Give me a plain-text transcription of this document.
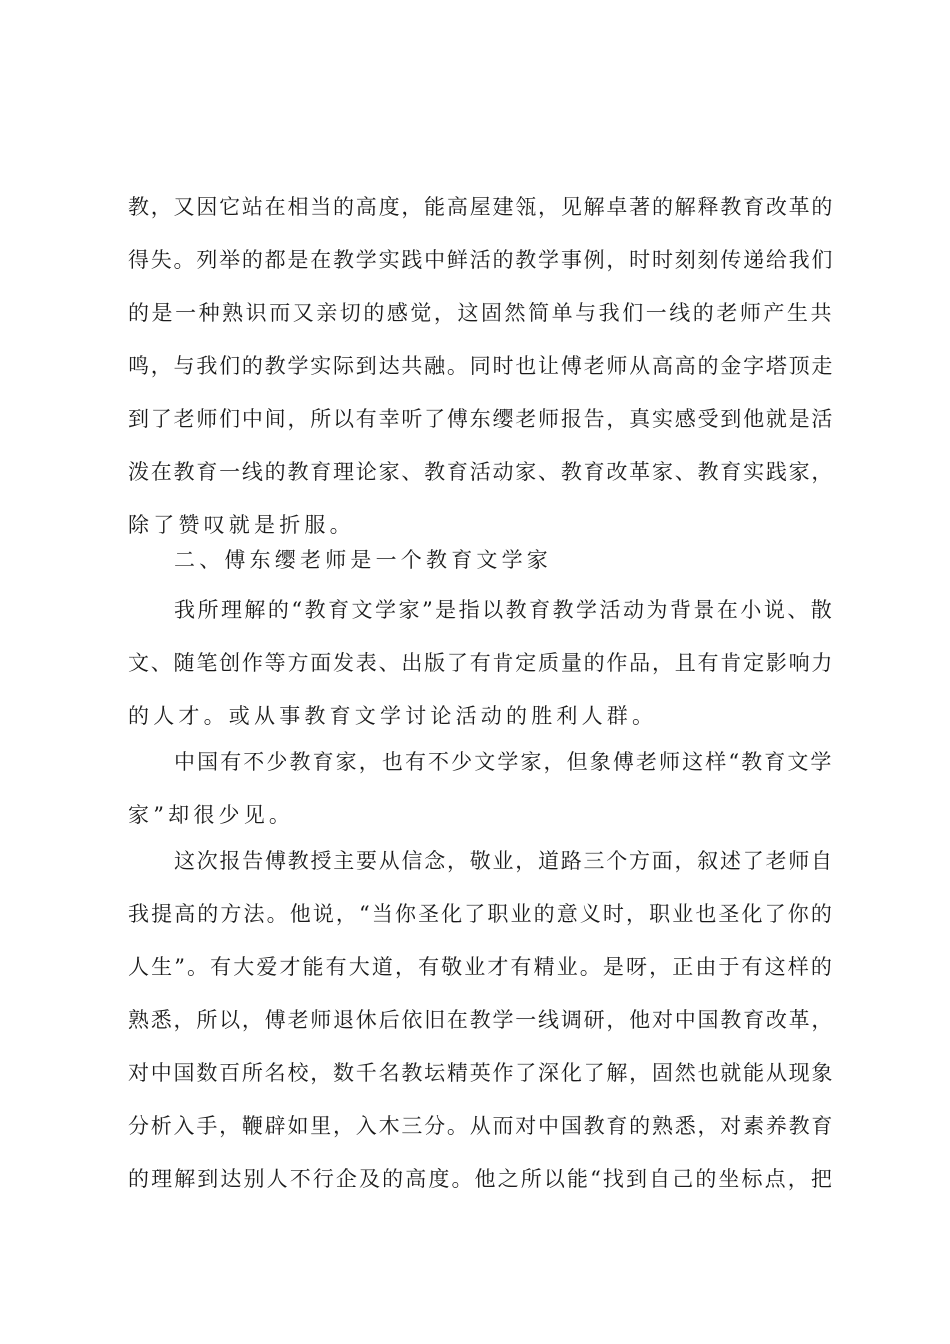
教，又因它站在相当的高度，能高屋建瓴，见解卓著的解释教育改革的
得失。列举的都是在教学实践中鲜活的教学事例，时时刻刻传递给我们
的是一种熟识而又亲切的感觉，这固然简单与我们一线的老师产生共
鸣，与我们的教学实际到达共融。同时也让傅老师从高高的金字塔顶走
到了老师们中间，所以有幸听了傅东缨老师报告，真实感受到他就是活
泼在教育一线的教育理论家、教育活动家、教育改革家、教育实践家，
除了赞叹就是折服。
二、傅东缨老师是一个教育文学家
我所理解的“教育文学家”是指以教育教学活动为背景在小说、散
文、随笔创作等方面发表、出版了有肯定质量的作品，且有肯定影响力
的人才。或从事教育文学讨论活动的胜利人群。
中国有不少教育家，也有不少文学家，但象傅老师这样“教育文学
家”却很少见。
这次报告傅教授主要从信念，敬业，道路三个方面，叙述了老师自
我提高的方法。他说，“当你圣化了职业的意义时，职业也圣化了你的
人生”。有大爱才能有大道，有敬业才有精业。是呀，正由于有这样的
熟悉，所以，傅老师退休后依旧在教学一线调研，他对中国教育改革，
对中国数百所名校，数千名教坛精英作了深化了解，固然也就能从现象
分析入手，鞭辟如里，入木三分。从而对中国教育的熟悉，对素养教育
的理解到达别人不行企及的高度。他之所以能“找到自己的坐标点，把
